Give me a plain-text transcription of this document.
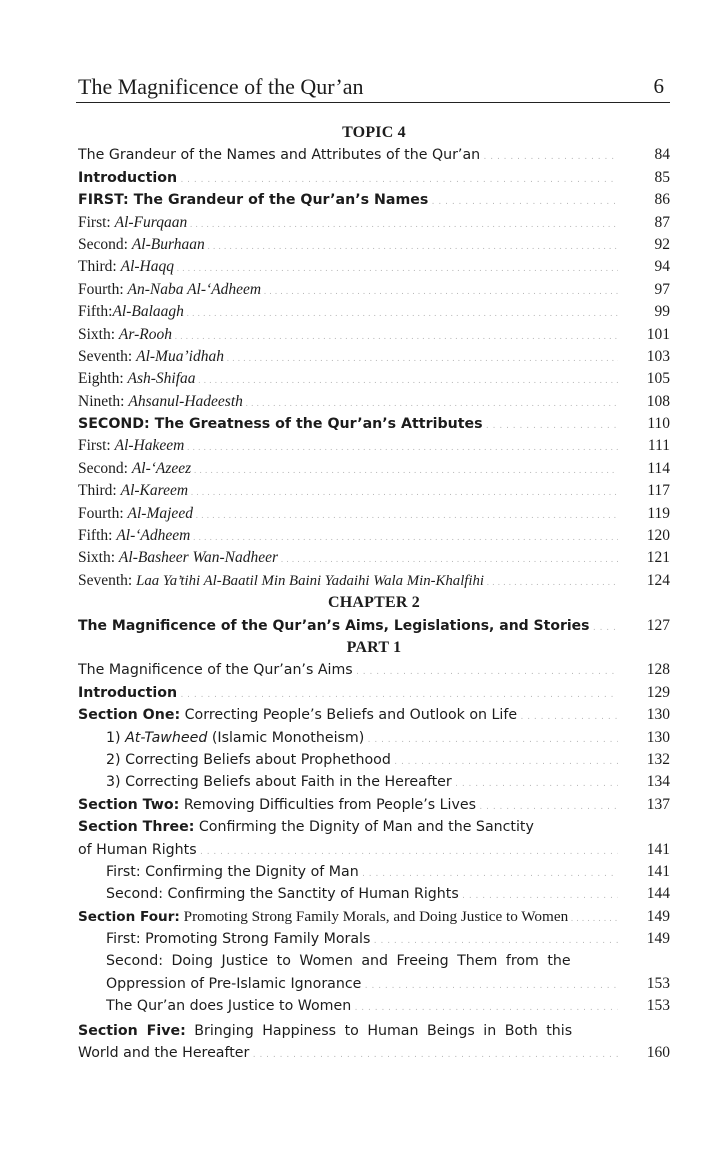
The Magnificence of the Qur’an	6
TOPIC 4
The Grandeur of the Names and Attributes of the Qur’an . . .	84
Introduction . . .	85
FIRST: The Grandeur of the Qur’an’s Names . . .	86
First: Al-Furqaan . . .	87
Second: Al-Burhaan . . .	92
Third: Al-Haqq . . .	94
Fourth: An-Naba Al-‘Adheem . . .	97
Fifth:Al-Balaagh . . .	99
Sixth: Ar-Rooh . . .	101
Seventh: Al-Mua’idhah . . .	103
Eighth: Ash-Shifaa . . .	105
Nineth: Ahsanul-Hadeesth . . .	108
SECOND: The Greatness of the Qur’an’s Attributes . . .	110
First: Al-Hakeem . . .	111
Second: Al-‘Azeez . . .	114
Third: Al-Kareem . . .	117
Fourth: Al-Majeed . . .	119
Fifth: Al-‘Adheem . . .	120
Sixth: Al-Basheer Wan-Nadheer . . .	121
Seventh: Laa Ya’tihi Al-Baatil Min Baini Yadaihi Wala Min-Khalfihi . . .	124
CHAPTER 2
The Magnificence of the Qur’an’s Aims, Legislations, and Stories . . .	127
PART 1
The Magnificence of the Qur’an’s Aims . . .	128
Introduction . . .	129
Section One: Correcting People’s Beliefs and Outlook on Life . . .	130
1) At-Tawheed (Islamic Monotheism) . . .	130
2) Correcting Beliefs about Prophethood . . .	132
3) Correcting Beliefs about Faith in the Hereafter . . .	134
Section Two: Removing Difficulties from People’s Lives . . .	137
Section Three: Confirming the Dignity of Man and the Sanctity
of Human Rights . . .	141
First: Confirming the Dignity of Man . . .	141
Second: Confirming the Sanctity of Human Rights . . .	144
Section Four: Promoting Strong Family Morals, and Doing Justice to Women . . .	149
First: Promoting Strong Family Morals . . .	149
Second: Doing Justice to Women and Freeing Them from the
Oppression of Pre-Islamic Ignorance . . .	153
The Qur’an does Justice to Women . . .	153
Section Five: Bringing Happiness to Human Beings in Both this
World and the Hereafter . . .	160
